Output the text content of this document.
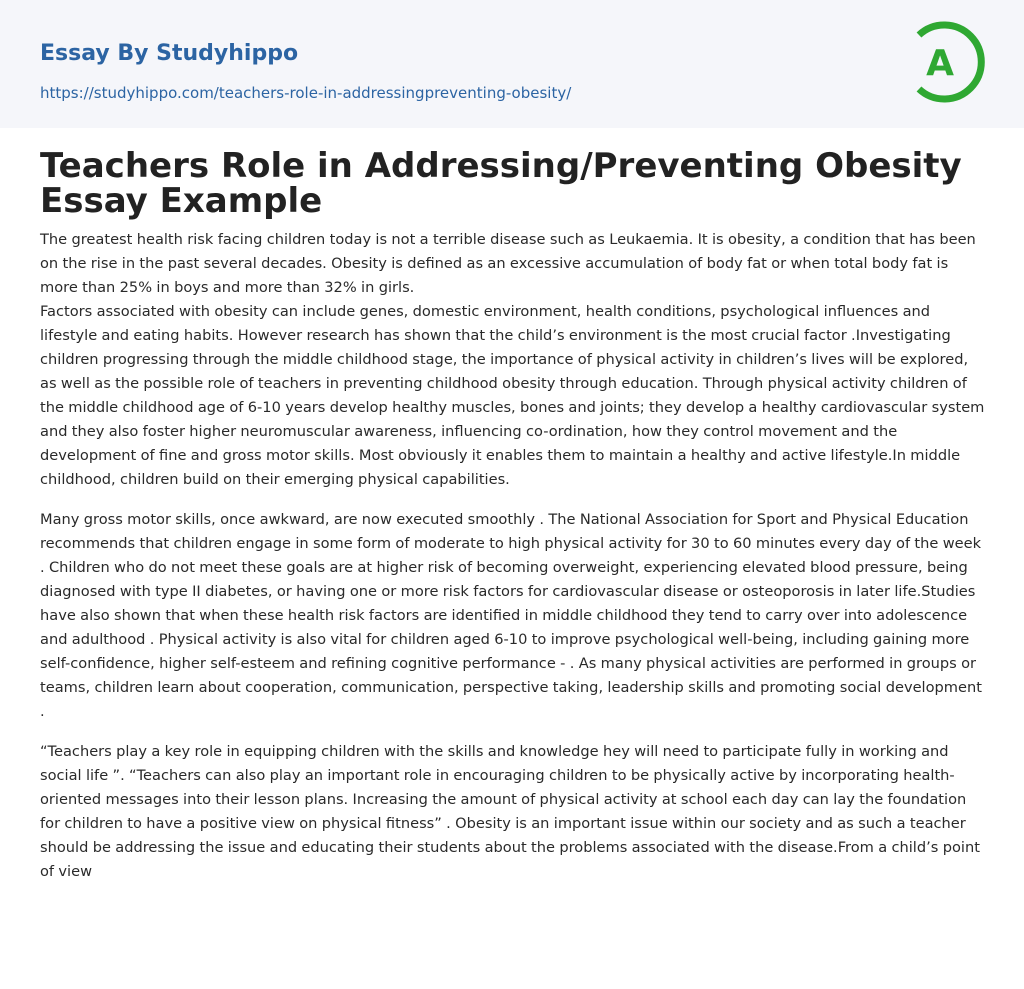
Essay By Studyhippo
https://studyhippo.com/teachers-role-in-addressingpreventing-obesity/
A
Teachers Role in Addressing/Preventing Obesity Essay Example

The greatest health risk facing children today is not a terrible disease such as Leukaemia. It is obesity, a condition that has been on the rise in the past several decades. Obesity is defined as an excessive accumulation of body fat or when total body fat is more than 25% in boys and more than 32% in girls.

Factors associated with obesity can include genes, domestic environment, health conditions, psychological influences and lifestyle and eating habits. However research has shown that the child’s environment is the most crucial factor .Investigating children progressing through the middle childhood stage, the importance of physical activity in children’s lives will be explored, as well as the possible role of teachers in preventing childhood obesity through education. Through physical activity children of the middle childhood age of 6-10 years develop healthy muscles, bones and joints; they develop a healthy cardiovascular system and they also foster higher neuromuscular awareness, influencing co-ordination, how they control movement and the development of fine and gross motor skills. Most obviously it enables them to maintain a healthy and active lifestyle.In middle childhood, children build on their emerging physical capabilities.

Many gross motor skills, once awkward, are now executed smoothly . The National Association for Sport and Physical Education recommends that children engage in some form of moderate to high physical activity for 30 to 60 minutes every day of the week . Children who do not meet these goals are at higher risk of becoming overweight, experiencing elevated blood pressure, being diagnosed with type II diabetes, or having one or more risk factors for cardiovascular disease or osteoporosis in later life.Studies have also shown that when these health risk factors are identified in middle childhood they tend to carry over into adolescence and adulthood . Physical activity is also vital for children aged 6-10 to improve psychological well-being, including gaining more self-confidence, higher self-esteem and refining cognitive performance - . As many physical activities are performed in groups or teams, children learn about cooperation, communication, perspective taking, leadership skills and promoting social development .

“Teachers play a key role in equipping children with the skills and knowledge hey will need to participate fully in working and social life ”. “Teachers can also play an important role in encouraging children to be physically active by incorporating health-oriented messages into their lesson plans. Increasing the amount of physical activity at school each day can lay the foundation for children to have a positive view on physical fitness” . Obesity is an important issue within our society and as such a teacher should be addressing the issue and educating their students about the problems associated with the disease.From a child’s point of view
